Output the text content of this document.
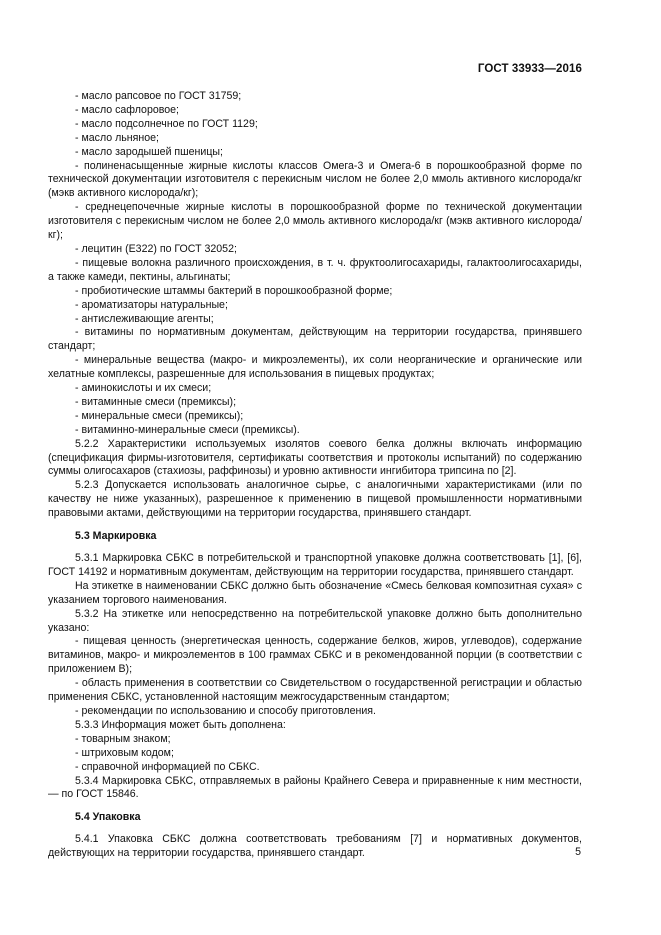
ГОСТ 33933—2016

- масло рапсовое по ГОСТ 31759;

- масло сафлоровое;

- масло подсолнечное по ГОСТ 1129;

- масло льняное;

- масло зародышей пшеницы;

- полиненасыщенные жирные кислоты классов Омега-3 и Омега-6 в порошкообразной форме по технической документации изготовителя с перекисным числом не более 2,0 ммоль активного кислорода/кг (мэкв активного кислорода/кг);

- среднецепочечные жирные кислоты в порошкообразной форме по технической документации изготовителя с перекисным числом не более 2,0 ммоль активного кислорода/кг (мэкв активного кислорода/кг);

- лецитин (Е322) по ГОСТ 32052;

- пищевые волокна различного происхождения, в т. ч. фруктоолигосахариды, галактоолигосахариды, а также камеди, пектины, альгинаты;

- пробиотические штаммы бактерий в порошкообразной форме;

- ароматизаторы натуральные;

- антислеживающие агенты;

- витамины по нормативным документам, действующим на территории государства, принявшего стандарт;

- минеральные вещества (макро- и микроэлементы), их соли неорганические и органические или хелатные комплексы, разрешенные для использования в пищевых продуктах;

- аминокислоты и их смеси;

- витаминные смеси (премиксы);

- минеральные смеси (премиксы);

- витаминно-минеральные смеси (премиксы).

5.2.2 Характеристики используемых изолятов соевого белка должны включать информацию (спецификация фирмы-изготовителя, сертификаты соответствия и протоколы испытаний) по содержанию суммы олигосахаров (стахиозы, раффинозы) и уровню активности ингибитора трипсина по [2].

5.2.3 Допускается использовать аналогичное сырье, с аналогичными характеристиками (или по качеству не ниже указанных), разрешенное к применению в пищевой промышленности нормативными правовыми актами, действующими на территории государства, принявшего стандарт.

5.3 Маркировка

5.3.1 Маркировка СБКС в потребительской и транспортной упаковке должна соответствовать [1], [6], ГОСТ 14192 и нормативным документам, действующим на территории государства, принявшего стандарт.

На этикетке в наименовании СБКС должно быть обозначение «Смесь белковая композитная сухая» с указанием торгового наименования.

5.3.2 На этикетке или непосредственно на потребительской упаковке должно быть дополнительно указано:

- пищевая ценность (энергетическая ценность, содержание белков, жиров, углеводов), содержание витаминов, макро- и микроэлементов в 100 граммах СБКС и в рекомендованной порции (в соответствии с приложением В);

- область применения в соответствии со Свидетельством о государственной регистрации и областью применения СБКС, установленной настоящим межгосударственным стандартом;

- рекомендации по использованию и способу приготовления.

5.3.3 Информация может быть дополнена:

- товарным знаком;

- штриховым кодом;

- справочной информацией по СБКС.

5.3.4 Маркировка СБКС, отправляемых в районы Крайнего Севера и приравненные к ним местности, — по ГОСТ 15846.

5.4 Упаковка

5.4.1 Упаковка СБКС должна соответствовать требованиям [7] и нормативных документов, действующих на территории государства, принявшего стандарт.	5
